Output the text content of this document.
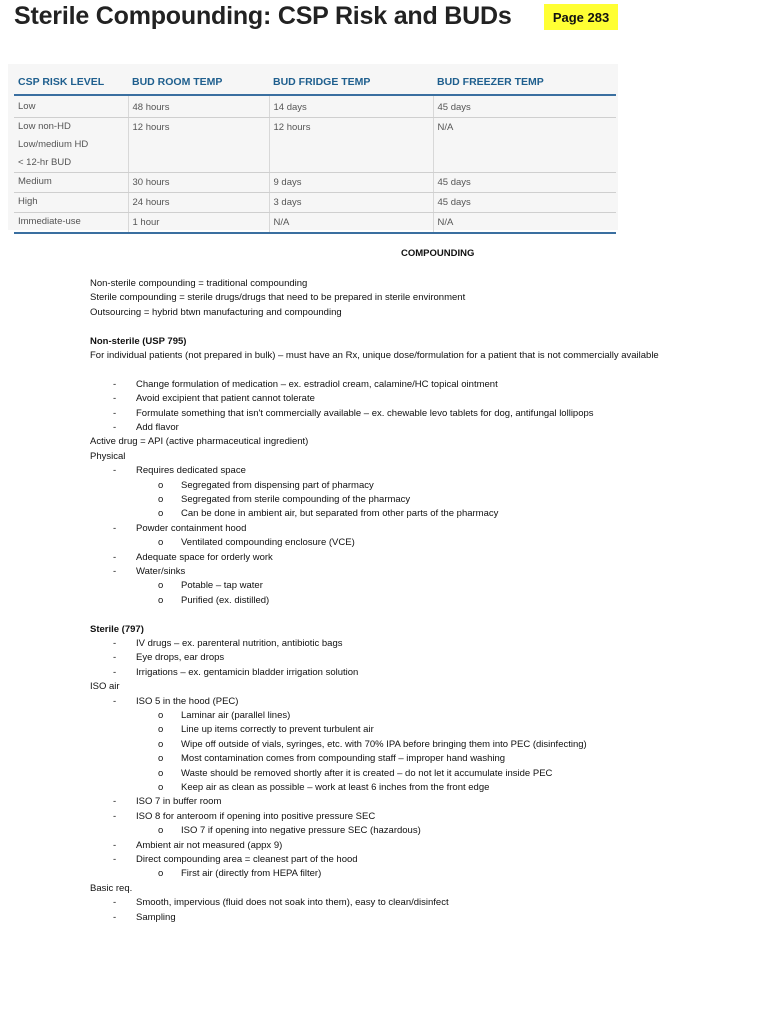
Sterile Compounding: CSP Risk and BUDs	Page 283
CSP RISK LEVEL	BUD ROOM TEMP	BUD FRIDGE TEMP	BUD FREEZER TEMP

Low	48 hours	14 days	45 days

Low non-HD
Low/medium HD
< 12-hr BUD	12 hours	12 hours	N/A

Medium	30 hours	9 days	45 days

High	24 hours	3 days	45 days

Immediate-use	1 hour	N/A	N/A
COMPOUNDING
Non-sterile compounding = traditional compounding
Sterile compounding = sterile drugs/drugs that need to be prepared in sterile environment
Outsourcing = hybrid btwn manufacturing and compounding
Non-sterile (USP 795)
For individual patients (not prepared in bulk) – must have an Rx, unique dose/formulation for a patient that is not commercially available
Change formulation of medication – ex. estradiol cream, calamine/HC topical ointment
-
Avoid excipient that patient cannot tolerate
-
Formulate something that isn't commercially available – ex. chewable levo tablets for dog, antifungal lollipops
-
Add flavor
-
Active drug = API (active pharmaceutical ingredient)
Physical
Requires dedicated space
-
Segregated from dispensing part of pharmacy
o
Segregated from sterile compounding of the pharmacy
o
Can be done in ambient air, but separated from other parts of the pharmacy
o
Powder containment hood
-
Ventilated compounding enclosure (VCE)
o
Adequate space for orderly work
-
Water/sinks
-
Potable – tap water
o
Purified (ex. distilled)
o
Sterile (797)
IV drugs – ex. parenteral nutrition, antibiotic bags
-
Eye drops, ear drops
-
Irrigations – ex. gentamicin bladder irrigation solution
-
ISO air
ISO 5 in the hood (PEC)
-
Laminar air (parallel lines)
o
Line up items correctly to prevent turbulent air
o
Wipe off outside of vials, syringes, etc. with 70% IPA before bringing them into PEC (disinfecting)
o
Most contamination comes from compounding staff – improper hand washing
o
Waste should be removed shortly after it is created – do not let it accumulate inside PEC
o
Keep air as clean as possible – work at least 6 inches from the front edge
o
ISO 7 in buffer room
-
ISO 8 for anteroom if opening into positive pressure SEC
-
ISO 7 if opening into negative pressure SEC (hazardous)
o
Ambient air not measured (appx 9)
-
Direct compounding area = cleanest part of the hood
-
First air (directly from HEPA filter)
o
Basic req.
Smooth, impervious (fluid does not soak into them), easy to clean/disinfect
-
Sampling
-
